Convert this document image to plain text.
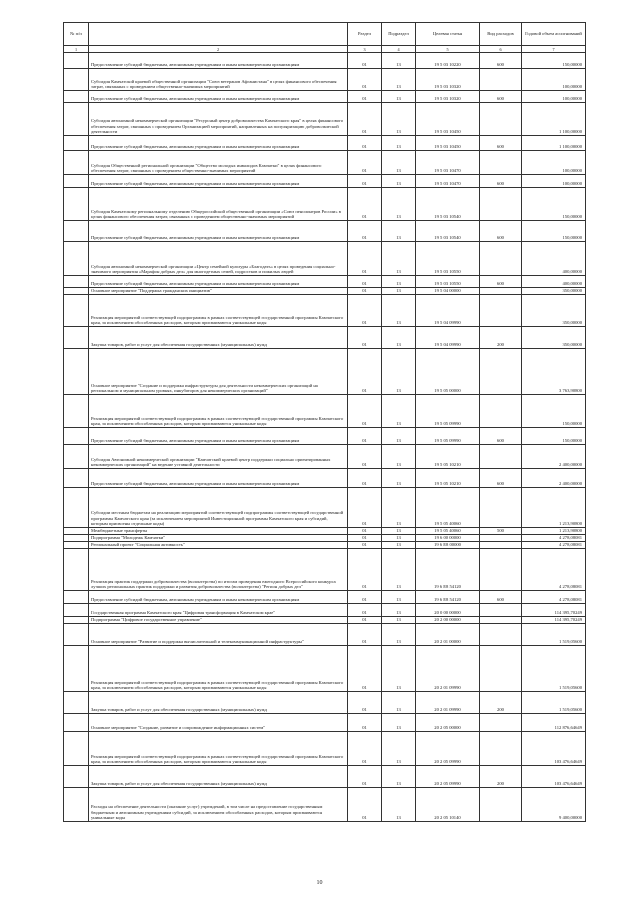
№ п/п		Раздел	Подраздел	Целевая статья	Вид расходов	Годовой объем ассигнований
1	2	3	4	5	6	7
	Предоставление субсидий бюджетным, автономным учреждениям и иным некоммерческим организациям	01	13	19 5 03 10220	600	150,00000
	Субсидия Камчатской краевой общественной организации "Союз ветеранов Афганистана" в целях финансового обеспечения затрат, связанных с проведением общественно-значимых мероприятий	01	13	19 5 03 10320		100,00000
	Предоставление субсидий бюджетным, автономным учреждениям и иным некоммерческим организациям	01	13	19 5 03 10320	600	100,00000
	Субсидия автономной некоммерческой организации "Ресурсный центр добровольчества Камчатского края" в целях финансового обеспечения затрат, связанных с проведением Организацией мероприятий, направленных на популяризацию добровольческой деятельности	01	13	19 5 03 10450		1 100,00000
	Предоставление субсидий бюджетным, автономным учреждениям и иным некоммерческим организациям	01	13	19 5 03 10450	600	1 100,00000
	Субсидия Общественной региональной организации "Общество молодых инвалидов Камчатки" в целях финансового обеспечения затрат, связанных с проведением общественно-значимых мероприятий	01	13	19 5 03 10470		100,00000
	Предоставление субсидий бюджетным, автономным учреждениям и иным некоммерческим организациям	01	13	19 5 03 10470	600	100,00000
	Субсидия Камчатскому региональному отделению Общероссийской общественной организации «Союз пенсионеров России» в целях финансового обеспечения затрат, связанных с проведением общественно-значимых мероприятий	01	13	19 5 03 10540		150,00000
	Предоставление субсидий бюджетным, автономным учреждениям и иным некоммерческим организациям	01	13	19 5 03 10540	600	150,00000
	Субсидия автономной некоммерческой организации «Центр семейной культуры «Благодать» в целях проведения социально-значимого мероприятия «Марафон добрых дел» для многодетных семей, подростков и пожилых людей	01	13	19 5 03 10550		400,00000
	Предоставление субсидий бюджетным, автономным учреждениям и иным некоммерческим организациям	01	13	19 5 03 10550	600	400,00000
	Основное мероприятие "Поддержка гражданских инициатив"	01	13	19 5 04 00000		350,00000
	Реализация мероприятий соответствующей подпрограммы в рамках соответствующей государственной программы Камчатского края, за исключением обособленных расходов, которым присваиваются уникальные коды	01	13	19 5 04 09990		350,00000
	Закупка товаров, работ и услуг для обеспечения государственных (муниципальных) нужд	01	13	19 5 04 09990	200	350,00000
	Основное мероприятие "Создание и поддержка инфраструктуры для деятельности некоммерческих организаций на региональном и муниципальном уровнях, инкубаторов для некоммерческих организаций"	01	13	19 5 05 00000		3 763,90800
	Реализация мероприятий соответствующей подпрограммы в рамках соответствующей государственной программы Камчатского края, за исключением обособленных расходов, которым присваиваются уникальные коды	01	13	19 5 05 09990		150,00000
	Предоставление субсидий бюджетным, автономным учреждениям и иным некоммерческим организациям	01	13	19 5 05 09990	600	150,00000
	Субсидия Автономной некоммерческой организации "Камчатский краевой центр поддержки социально ориентированных некоммерческих организаций" на ведение уставной деятельности	01	13	19 5 05 10210		2 400,00000
	Предоставление субсидий бюджетным, автономным учреждениям и иным некоммерческим организациям	01	13	19 5 05 10210	600	2 400,00000
	Субсидии местным бюджетам на реализацию мероприятий соответствующей подпрограммы соответствующей государственной программы Камчатского края (за исключением мероприятий Инвестиционной программы Камчатского края и субсидий, которым присвоены отдельные коды)	01	13	19 5 05 40060		1 213,90800
	Межбюджетные трансферты	01	13	19 5 05 40060	500	1 213,90800
	Подпрограмма "Молодежь Камчатки"	01	13	19 6 00 00000		4 278,08081
	Региональный проект "Социальная активность"	01	13	19 6 E8 00000		4 278,08081
	Реализация практик поддержки добровольчества (волонтерства) по итогам проведения ежегодного Всероссийского конкурса лучших региональных практик поддержки и развития добровольчества (волонтерства) "Регион добрых дел"	01	13	19 6 E8 54120		4 278,08081
	Предоставление субсидий бюджетным, автономным учреждениям и иным некоммерческим организациям	01	13	19 6 E8 54120	600	4 278,08081
	Государственная программа Камчатского края "Цифровая трансформация в Камчатском крае"	01	13	20 0 00 00000		114 395,70249
	Подпрограмма "Цифровое государственное управление"	01	13	20 2 00 00000		114 395,70249
	Основное мероприятие "Развитие и поддержка вычислительной и телекоммуникационной инфраструктуры"	01	13	20 2 01 00000		1 519,05600
	Реализация мероприятий соответствующей подпрограммы в рамках соответствующей государственной программы Камчатского края, за исключением обособленных расходов, которым присваиваются уникальные коды	01	13	20 2 01 09990		1 519,05600
	Закупка товаров, работ и услуг для обеспечения государственных (муниципальных) нужд	01	13	20 2 01 09990	200	1 519,05600
	Основное мероприятие "Создание, развитие и сопровождение информационных систем"	01	13	20 2 05 00000		112 876,64649
	Реализация мероприятий соответствующей подпрограммы в рамках соответствующей государственной программы Камчатского края, за исключением обособленных расходов, которым присваиваются уникальные коды	01	13	20 2 05 09990		103 476,64649
	Закупка товаров, работ и услуг для обеспечения государственных (муниципальных) нужд	01	13	20 2 05 09990	200	103 476,64649
	Расходы на обеспечение деятельности (оказание услуг) учреждений, в том числе на предоставление государственным бюджетным и автономным учреждениям субсидий, за исключением обособленных расходов, которым присваиваются уникальные коды	01	13	20 2 05 10140		9 400,00000
10
